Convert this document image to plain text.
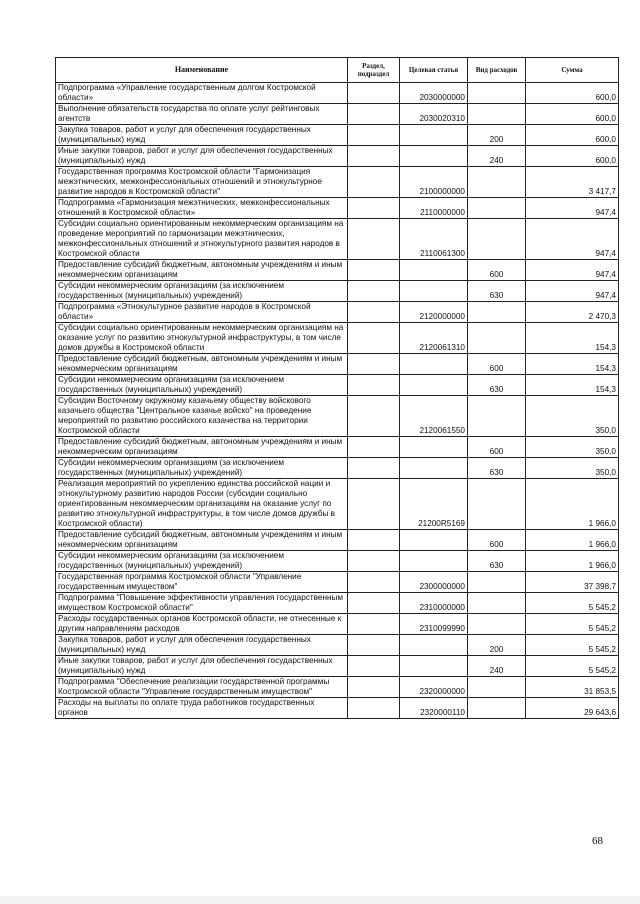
Наименование	Раздел, подраздел	Целевая статья	Вид расходов	Сумма
Подпрограмма «Управление государственным долгом Костромской области»		2030000000		600,0
Выполнение обязательств государства по оплате услуг рейтинговых агентств		2030020310		600,0
Закупка товаров, работ и услуг для обеспечения государственных (муниципальных) нужд			200	600,0
Иные закупки товаров, работ и услуг для обеспечения государственных (муниципальных) нужд			240	600,0
Государственная программа Костромской области "Гармонизация межэтнических, межконфессиональных отношений и этнокультурное развитие народов в Костромской области"		2100000000		3 417,7
Подпрограмма «Гармонизация межэтнических, межконфессиональных отношений в Костромской области»		2110000000		947,4
Субсидии социально ориентированным некоммерческим организациям на проведение мероприятий по гармонизации межэтнических, межконфессиональных отношений и этнокультурного развития народов в Костромской области		2110061300		947,4
Предоставление субсидий бюджетным, автономным учреждениям и иным некоммерческим организациям			600	947,4
Субсидии некоммерческим организациям (за исключением государственных (муниципальных) учреждений)			630	947,4
Подпрограмма «Этнокультурное развитие народов в Костромской области»		2120000000		2 470,3
Субсидии социально ориентированным некоммерческим организациям на оказание услуг по развитию этнокультурной инфраструктуры, в том числе домов дружбы в Костромской области		2120061310		154,3
Предоставление субсидий бюджетным, автономным учреждениям и иным некоммерческим организациям			600	154,3
Субсидии некоммерческим организациям (за исключением государственных (муниципальных) учреждений)			630	154,3
Субсидии Восточному окружному казачьему обществу войскового казачьего общества "Центральное казачье войско" на проведение мероприятий по развитию российского казачества на территории Костромской области		2120061550		350,0
Предоставление субсидий бюджетным, автономным учреждениям и иным некоммерческим организациям			600	350,0
Субсидии некоммерческим организациям (за исключением государственных (муниципальных) учреждений)			630	350,0
Реализация мероприятий по укреплению единства российской нации и этнокультурному развитию народов России (субсидии социально ориентированным некоммерческим организациям на оказание услуг по развитию этнокультурной инфраструктуры, в том числе домов дружбы в Костромской области)		21200R5169		1 966,0
Предоставление субсидий бюджетным, автономным учреждениям и иным некоммерческим организациям			600	1 966,0
Субсидии некоммерческим организациям (за исключением государственных (муниципальных) учреждений)			630	1 966,0
Государственная программа Костромской области "Управление государственным имуществом"		2300000000		37 398,7
Подпрограмма "Повышение эффективности управления государственным имуществом Костромской области"		2310000000		5 545,2
Расходы государственных органов Костромской области, не отнесенные к другим направлениям расходов		2310099990		5 545,2
Закупка товаров, работ и услуг для обеспечения государственных (муниципальных) нужд			200	5 545,2
Иные закупки товаров, работ и услуг для обеспечения государственных (муниципальных) нужд			240	5 545,2
Подпрограмма "Обеспечение реализации государственной программы Костромской области "Управление государственным имуществом"		2320000000		31 853,5
Расходы на выплаты по оплате труда работников государственных органов		2320000110		29 643,6
68
